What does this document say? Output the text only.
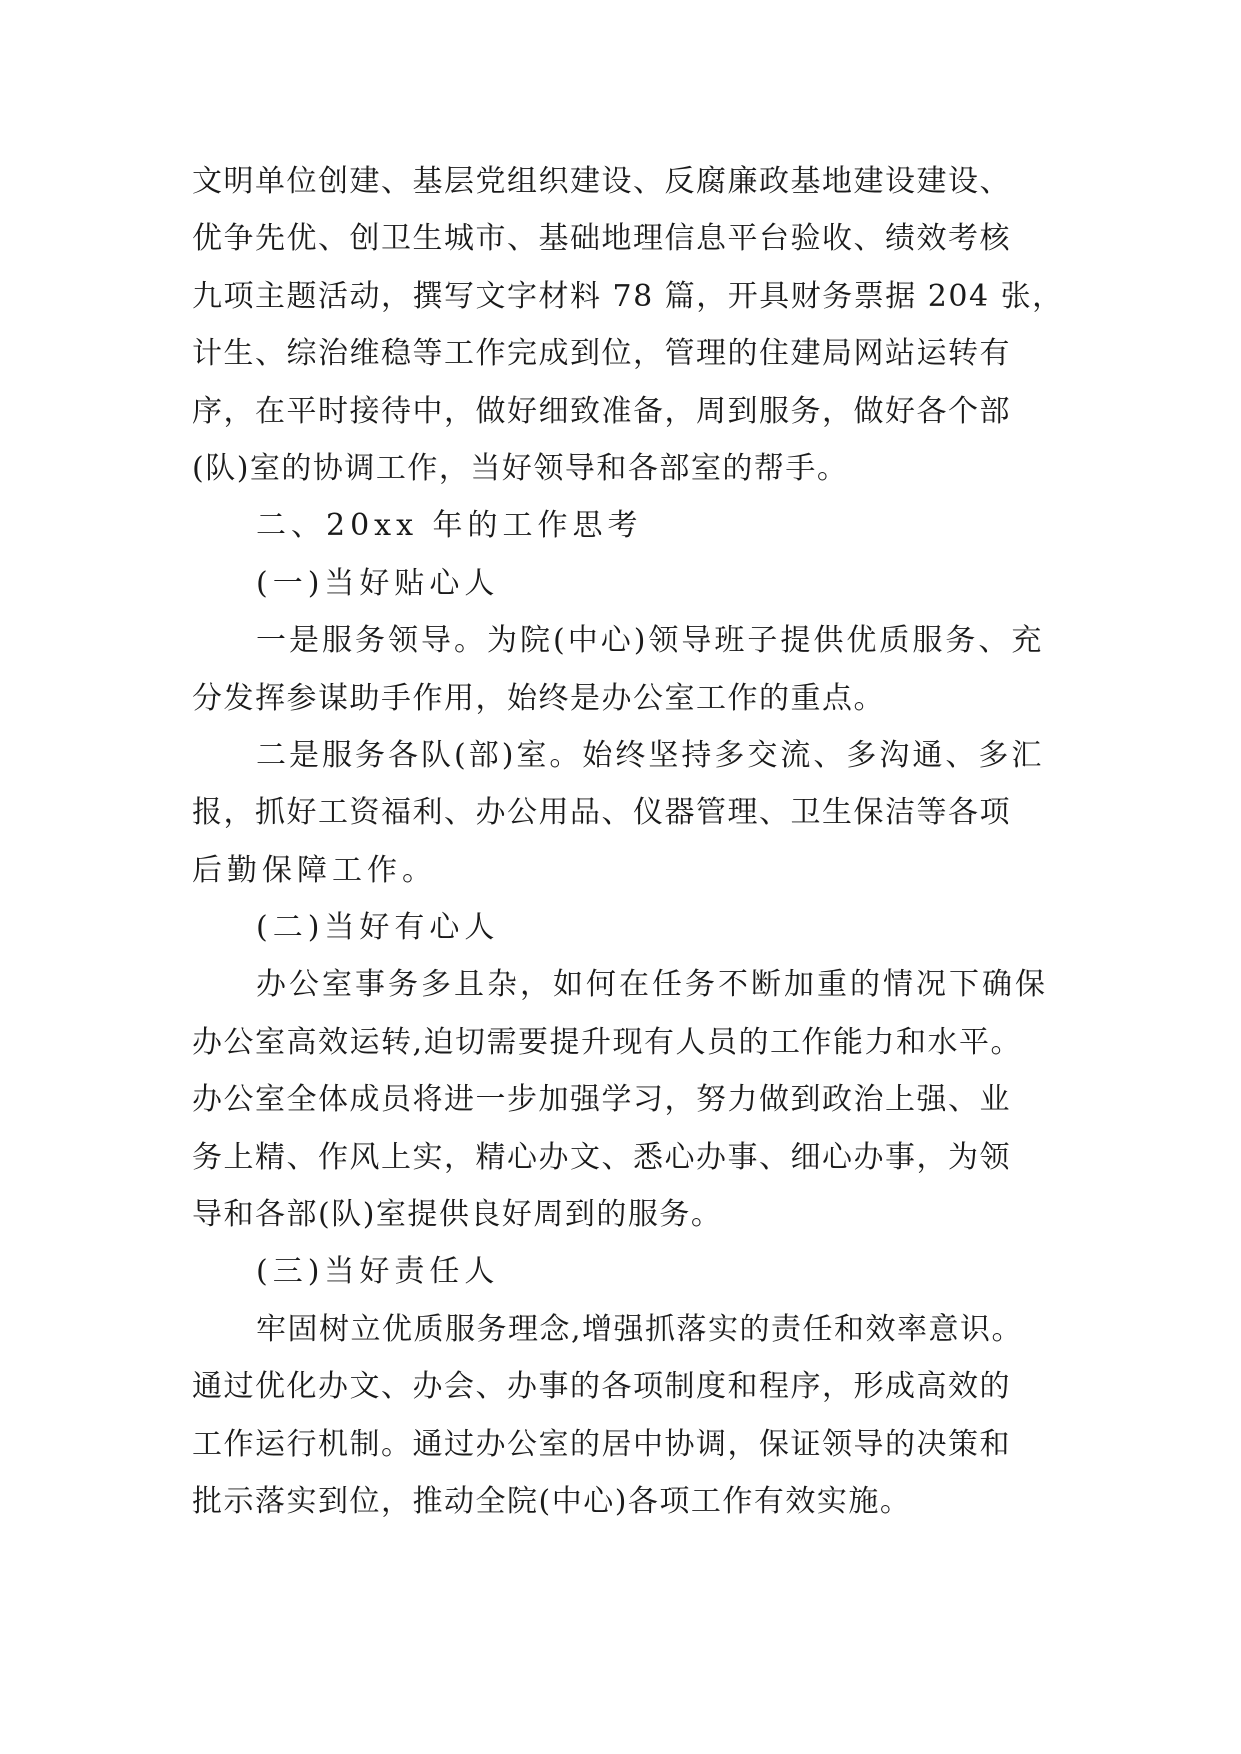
文明单位创建、基层党组织建设、反腐廉政基地建设建设、
优争先优、创卫生城市、基础地理信息平台验收、绩效考核
九项主题活动，撰写文字材料 78 篇，开具财务票据 204 张，
计生、综治维稳等工作完成到位，管理的住建局网站运转有
序，在平时接待中，做好细致准备，周到服务，做好各个部
(队)室的协调工作，当好领导和各部室的帮手。
二、20xx 年的工作思考
(一)当好贴心人
一是服务领导。为院(中心)领导班子提供优质服务、充
分发挥参谋助手作用，始终是办公室工作的重点。
二是服务各队(部)室。始终坚持多交流、多沟通、多汇
报，抓好工资福利、办公用品、仪器管理、卫生保洁等各项
后勤保障工作。
(二)当好有心人
办公室事务多且杂，如何在任务不断加重的情况下确保
办公室高效运转,迫切需要提升现有人员的工作能力和水平。
办公室全体成员将进一步加强学习，努力做到政治上强、业
务上精、作风上实，精心办文、悉心办事、细心办事，为领
导和各部(队)室提供良好周到的服务。
(三)当好责任人
牢固树立优质服务理念,增强抓落实的责任和效率意识。
通过优化办文、办会、办事的各项制度和程序，形成高效的
工作运行机制。通过办公室的居中协调，保证领导的决策和
批示落实到位，推动全院(中心)各项工作有效实施。
